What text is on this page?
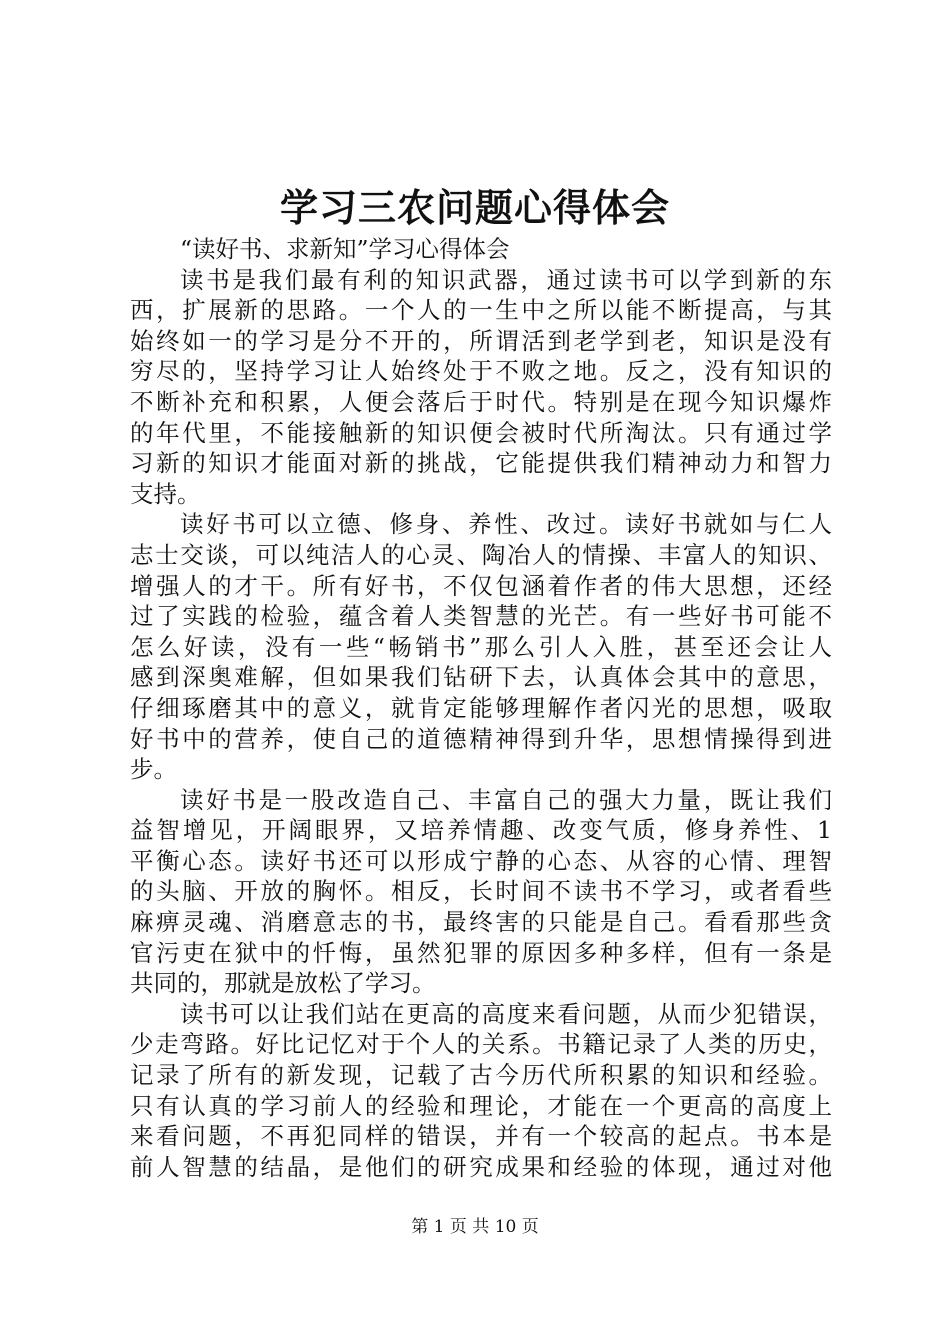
学习三农问题心得体会
“读好书、求新知”学习心得体会
读书是我们最有利的知识武器，通过读书可以学到新的东
西，扩展新的思路。一个人的一生中之所以能不断提高，与其
始终如一的学习是分不开的，所谓活到老学到老，知识是没有
穷尽的，坚持学习让人始终处于不败之地。反之，没有知识的
不断补充和积累，人便会落后于时代。特别是在现今知识爆炸
的年代里，不能接触新的知识便会被时代所淘汰。只有通过学
习新的知识才能面对新的挑战，它能提供我们精神动力和智力
支持。
读好书可以立德、修身、养性、改过。读好书就如与仁人
志士交谈，可以纯洁人的心灵、陶冶人的情操、丰富人的知识、
增强人的才干。所有好书，不仅包涵着作者的伟大思想，还经
过了实践的检验，蕴含着人类智慧的光芒。有一些好书可能不
怎么好读，没有一些“畅销书”那么引人入胜，甚至还会让人
感到深奥难解，但如果我们钻研下去，认真体会其中的意思，
仔细琢磨其中的意义，就肯定能够理解作者闪光的思想，吸取
好书中的营养，使自己的道德精神得到升华，思想情操得到进
步。
读好书是一股改造自己、丰富自己的强大力量，既让我们
益智增见，开阔眼界，又培养情趣、改变气质，修身养性、1
平衡心态。读好书还可以形成宁静的心态、从容的心情、理智
的头脑、开放的胸怀。相反，长时间不读书不学习，或者看些
麻痹灵魂、消磨意志的书，最终害的只能是自己。看看那些贪
官污吏在狱中的忏悔，虽然犯罪的原因多种多样，但有一条是
共同的，那就是放松了学习。
读书可以让我们站在更高的高度来看问题，从而少犯错误，
少走弯路。好比记忆对于个人的关系。书籍记录了人类的历史，
记录了所有的新发现，记载了古今历代所积累的知识和经验。
只有认真的学习前人的经验和理论，才能在一个更高的高度上
来看问题，不再犯同样的错误，并有一个较高的起点。书本是
前人智慧的结晶，是他们的研究成果和经验的体现，通过对他
第 1 页 共 10 页
